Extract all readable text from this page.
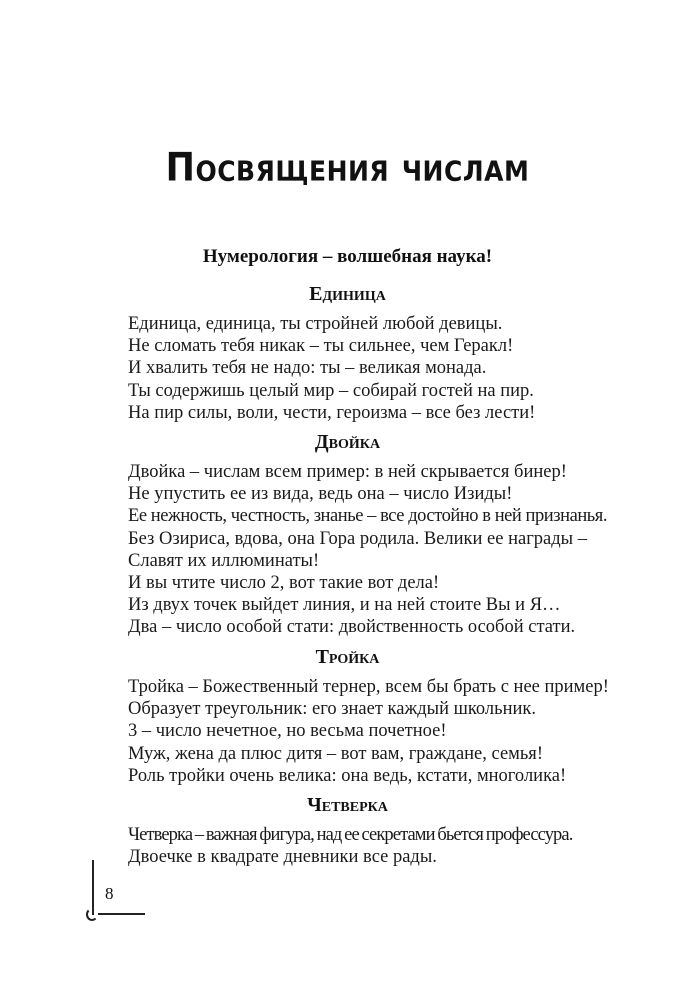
Посвящения числам
Нумерология – волшебная наука!
Единица
Единица, единица, ты стройней любой девицы.
Не сломать тебя никак – ты сильнее, чем Геракл!
И хвалить тебя не надо: ты – великая монада.
Ты содержишь целый мир – собирай гостей на пир.
На пир силы, воли, чести, героизма – все без лести!
Двойка
Двойка – числам всем пример: в ней скрывается бинер!
Не упустить ее из вида, ведь она – число Изиды!
Ее нежность, честность, знанье – все достойно в ней признанья.
Без Озириса, вдова, она Гора родила. Велики ее награды –
Славят их иллюминаты!
И вы чтите число 2, вот такие вот дела!
Из двух точек выйдет линия, и на ней стоите Вы и Я…
Два – число особой стати: двойственность особой стати.
Тройка
Тройка – Божественный тернер, всем бы брать с нее пример!
Образует треугольник: его знает каждый школьник.
3 – число нечетное, но весьма почетное!
Муж, жена да плюс дитя – вот вам, граждане, семья!
Роль тройки очень велика: она ведь, кстати, многолика!
Четверка
Четверка – важная фигура, над ее секретами бьется профессура.
Двоечке в квадрате дневники все рады.
8
